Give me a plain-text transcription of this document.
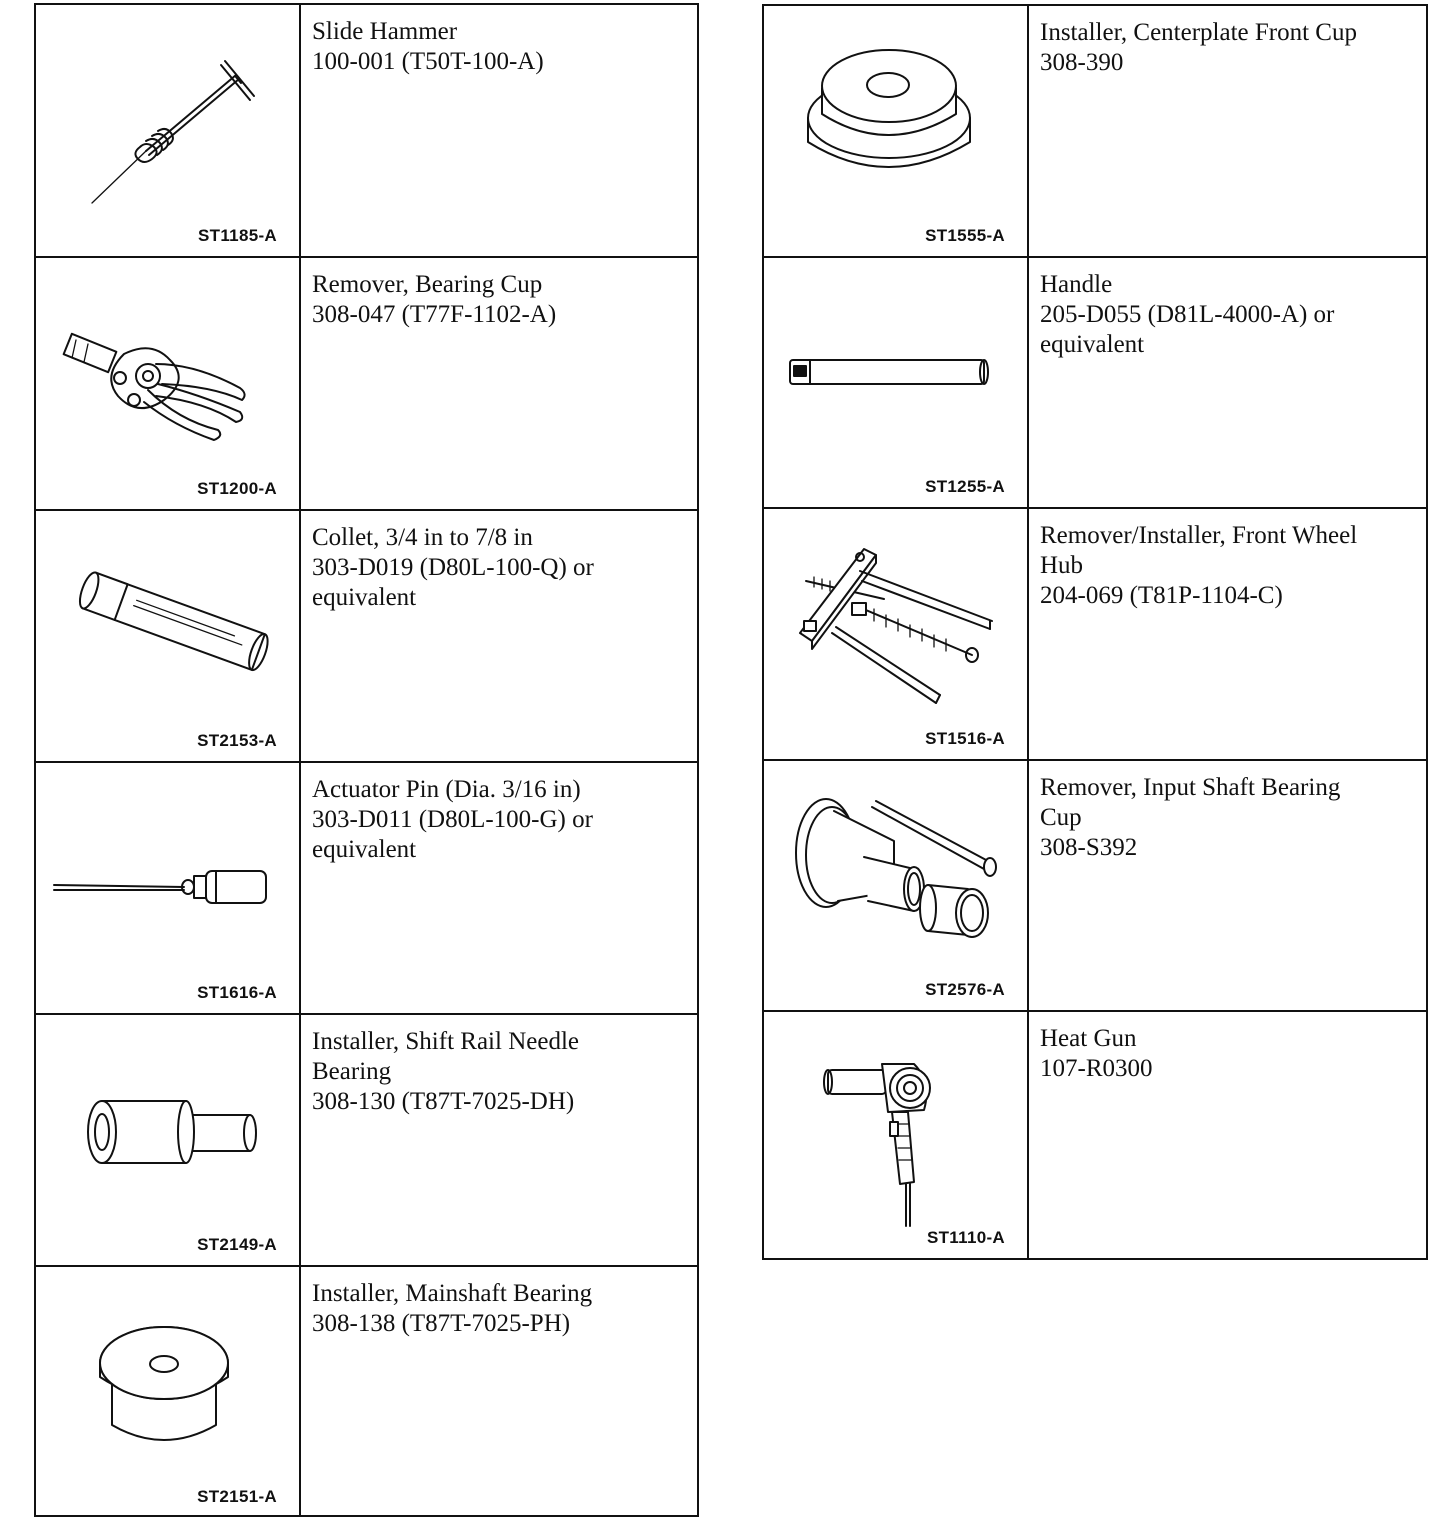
ST1185-A

Slide Hammer

100-001 (T50T-100-A)

ST1200-A

Remover, Bearing Cup

308-047 (T77F-1102-A)

ST2153-A

Collet, 3/4 in to 7/8 in

303-D019 (D80L-100-Q) or
equivalent

ST1616-A

Actuator Pin (Dia. 3/16 in)

303-D011 (D80L-100-G) or
equivalent

ST2149-A

Installer, Shift Rail Needle
Bearing

308-130 (T87T-7025-DH)

ST2151-A

Installer, Mainshaft Bearing

308-138 (T87T-7025-PH)

ST1555-A

Installer, Centerplate Front Cup

308-390

ST1255-A

Handle

205-D055 (D81L-4000-A) or
equivalent

ST1516-A

Remover/Installer, Front Wheel
Hub

204-069 (T81P-1104-C)

ST2576-A

Remover, Input Shaft Bearing
Cup

308-S392

ST1110-A

Heat Gun

107-R0300
